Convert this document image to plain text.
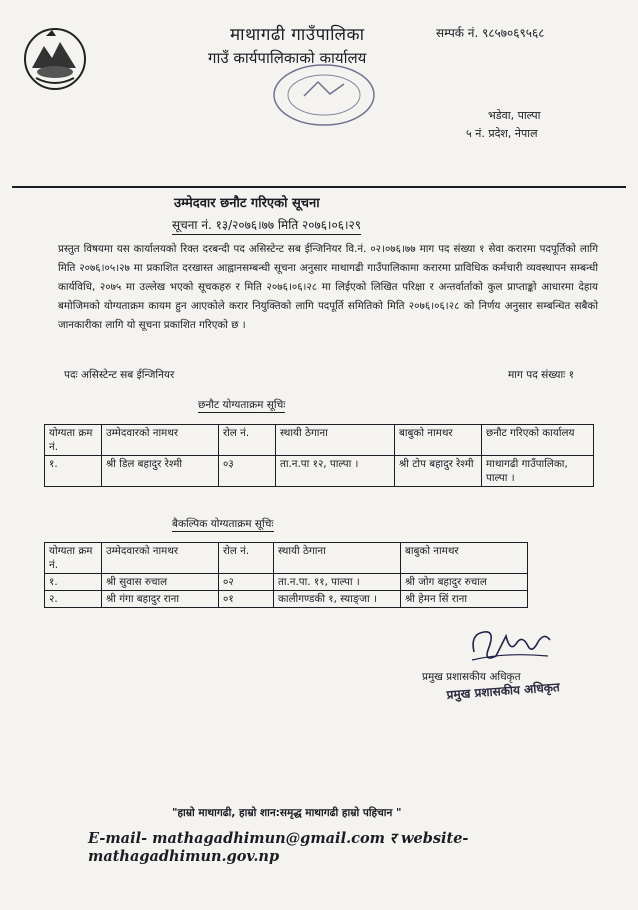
माथागढी गाउँपालिका
गाउँ कार्यपालिकाको कार्यालय
सम्पर्क नं. ९८५७०६९५६८
भडेवा, पाल्पा
५ नं. प्रदेश, नेपाल
उम्मेदवार छनौट गरिएको सूचना
सूचना नं. १३/२०७६।७७ मिति २०७६।०६।२९
प्रस्तुत विषयमा यस कार्यालयको रिक्त दरबन्दी पद असिस्टेन्ट सब ईन्जिनियर वि.नं. ०२।०७६।७७ माग पद संख्या १ सेवा करारमा पदपूर्तिको लागि मिति २०७६।०५।२७ मा प्रकाशित दरखास्त आह्वानसम्बन्धी सूचना अनुसार माथागढी गाउँपालिकामा करारमा प्राविधिक कर्मचारी व्यवस्थापन सम्बन्धी कार्यविधि, २०७५ मा उल्लेख भएको सूचकहरु र मिति २०७६।०६।२८ मा लिईएको लिखित परिक्षा र अन्तर्वार्ताको कुल प्राप्ताङ्को आधारमा देहाय बमोजिमको योग्यताक्रम कायम हुन आएकोले करार नियुक्तिको लागि पदपूर्ति समितिको मिति २०७६।०६।२८ को निर्णय अनुसार सम्बन्धित सबैको जानकारीका लागि यो सूचना प्रकाशित गरिएको छ ।
पदः असिस्टेन्ट सब ईन्जिनियर	माग पद संख्याः १
छनौट योग्यताक्रम सूचिः
योग्यता क्रम नं.	उम्मेदवारको नामथर	रोल नं.	स्थायी ठेगाना	बाबुको नामथर	छनौट गरिएको कार्यालय
१.	श्री डिल बहादुर रेश्मी	०३	ता.न.पा १२, पाल्पा ।	श्री टोप बहादुर रेश्मी	माथागढी गाउँपालिका, पाल्पा ।
बैकल्पिक योग्यताक्रम सूचिः
योग्यता क्रम नं.	उम्मेदवारको नामथर	रोल नं.	स्थायी ठेगाना	बाबुको नामथर
१.	श्री सुवास रुचाल	०२	ता.न.पा. ११, पाल्पा ।	श्री जोग बहादुर रुचाल
२.	श्री गंगा बहादुर राना	०१	कालीगण्डकी १, स्याङ्जा ।	श्री हेमन सिं राना
प्रमुख प्रशासकीय अधिकृत
प्रमुख प्रशासकीय अधिकृत
"हाम्रो माथागढी, हाम्रो शान:समृद्ध माथागढी हाम्रो पहिचान "
E-mail- mathagadhimun@gmail.com र website- mathagadhimun.gov.np
